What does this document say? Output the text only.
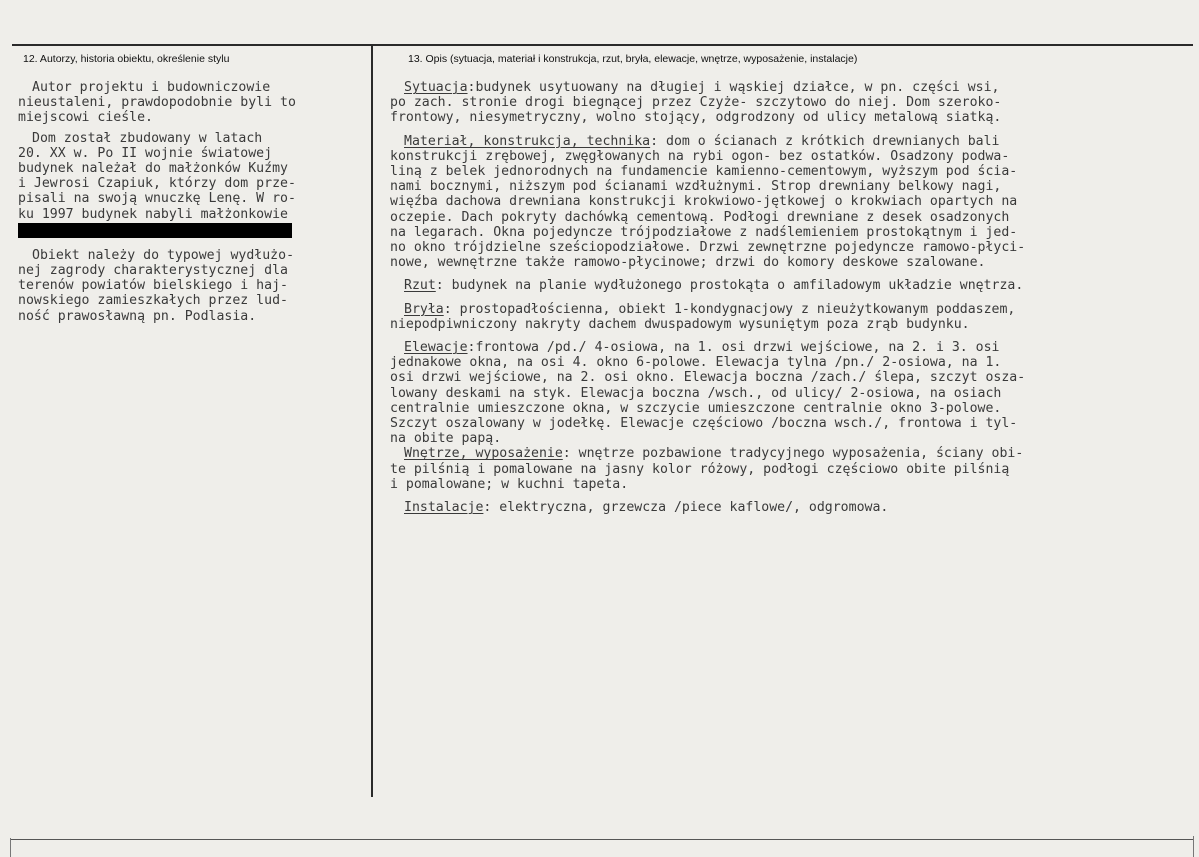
12. Autorzy, historia obiektu, określenie stylu	13. Opis (sytuacja, materiał i konstrukcja, rzut, bryła, elewacje, wnętrze, wyposażenie, instalacje)
Autor projektu i budowniczowie
nieustaleni, prawdopodobnie byli to
miejscowi cieśle.
Dom został zbudowany w latach
20. XX w. Po II wojnie światowej
budynek należał do małżonków Kuźmy
i Jewrosi Czapiuk, którzy dom prze-
pisali na swoją wnuczkę Lenę. W ro-
ku 1997 budynek nabyli małżonkowie
Obiekt należy do typowej wydłużo-
nej zagrody charakterystycznej dla
terenów powiatów bielskiego i haj-
nowskiego zamieszkałych przez lud-
ność prawosławną pn. Podlasia.
Sytuacja:budynek usytuowany na długiej i wąskiej działce, w pn. części wsi,
po zach. stronie drogi biegnącej przez Czyże- szczytowo do niej. Dom szeroko-
frontowy, niesymetryczny, wolno stojący, odgrodzony od ulicy metalową siatką.
Materiał, konstrukcja, technika: dom o ścianach z krótkich drewnianych bali
konstrukcji zrębowej, zwęgłowanych na rybi ogon- bez ostatków. Osadzony podwa-
liną z belek jednorodnych na fundamencie kamienno-cementowym, wyższym pod ścia-
nami bocznymi, niższym pod ścianami wzdłużnymi. Strop drewniany belkowy nagi,
więźba dachowa drewniana konstrukcji krokwiowo-jętkowej o krokwiach opartych na
oczepie. Dach pokryty dachówką cementową. Podłogi drewniane z desek osadzonych
na legarach. Okna pojedyncze trójpodziałowe z nadślemieniem prostokątnym i jed-
no okno trójdzielne sześciopodziałowe. Drzwi zewnętrzne pojedyncze ramowo-płyci-
nowe, wewnętrzne także ramowo-płycinowe; drzwi do komory deskowe szalowane.
Rzut: budynek na planie wydłużonego prostokąta o amfiladowym układzie wnętrza.
Bryła: prostopadłościenna, obiekt 1-kondygnacjowy z nieużytkowanym poddaszem,
niepodpiwniczony nakryty dachem dwuspadowym wysuniętym poza zrąb budynku.
Elewacje:frontowa /pd./ 4-osiowa, na 1. osi drzwi wejściowe, na 2. i 3. osi
jednakowe okna, na osi 4. okno 6-polowe. Elewacja tylna /pn./ 2-osiowa, na 1.
osi drzwi wejściowe, na 2. osi okno. Elewacja boczna /zach./ ślepa, szczyt osza-
lowany deskami na styk. Elewacja boczna /wsch., od ulicy/ 2-osiowa, na osiach
centralnie umieszczone okna, w szczycie umieszczone centralnie okno 3-polowe.
Szczyt oszalowany w jodełkę. Elewacje częściowo /boczna wsch./, frontowa i tyl-
na obite papą.
Wnętrze, wyposażenie: wnętrze pozbawione tradycyjnego wyposażenia, ściany obi-
te pilśnią i pomalowane na jasny kolor różowy, podłogi częściowo obite pilśnią
i pomalowane; w kuchni tapeta.
Instalacje: elektryczna, grzewcza /piece kaflowe/, odgromowa.
